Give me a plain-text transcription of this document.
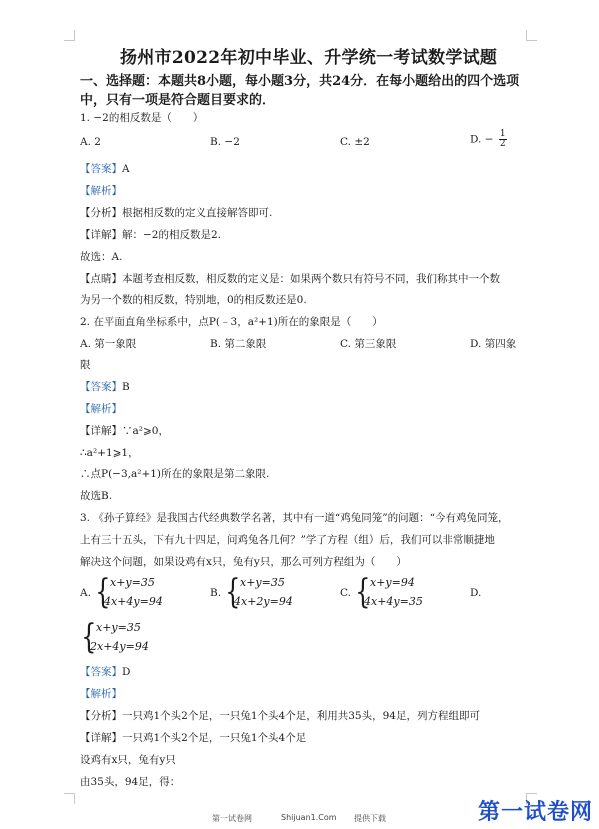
扬州市2022年初中毕业、升学统一考试数学试题
一、选择题：本题共8小题，每小题3分，共24分．在每小题给出的四个选项
中，只有一项是符合题目要求的．
1. −2的相反数是（　　）
A. 2	B. −2	C. ±2	D. − $\frac{1}{2}$
【答案】A
【解析】
【分析】根据相反数的定义直接解答即可.
【详解】解：−2的相反数是2.
故选：A.
【点睛】本题考查相反数，相反数的定义是：如果两个数只有符号不同，我们称其中一个数
为另一个数的相反数，特别地，0的相反数还是0.
2. 在平面直角坐标系中，点P(﹣3，a²+1)所在的象限是（　　）
A. 第一象限	B. 第二象限	C. 第三象限	D. 第四象
限
【答案】B
【解析】
【详解】∵a²⩾0，
∴a²+1⩾1，
∴点P(−3,a²+1)所在的象限是第二象限.
故选B.
3. 《孙子算经》是我国古代经典数学名著，其中有一道“鸡兔同笼”的问题：“今有鸡兔同笼，
上有三十五头，下有九十四足，问鸡兔各几何？”学了方程（组）后，我们可以非常顺捷地
解决这个问题，如果设鸡有x只，兔有y只，那么可列方程组为（　　）
A. { x+y=35
4x+4y=94
B. { x+y=35
4x+2y=94
C. { x+y=94
4x+4y=35
D.
{ x+y=35
2x+4y=94
【答案】D
【解析】
【分析】一只鸡1个头2个足，一只兔1个头4个足，利用共35头，94足，列方程组即可
【详解】一只鸡1个头2个足，一只兔1个头4个足
设鸡有x只，兔有y只
由35头，94足，得：
第一试卷网	Shijuan1.Com 提供下载	第一试卷网
